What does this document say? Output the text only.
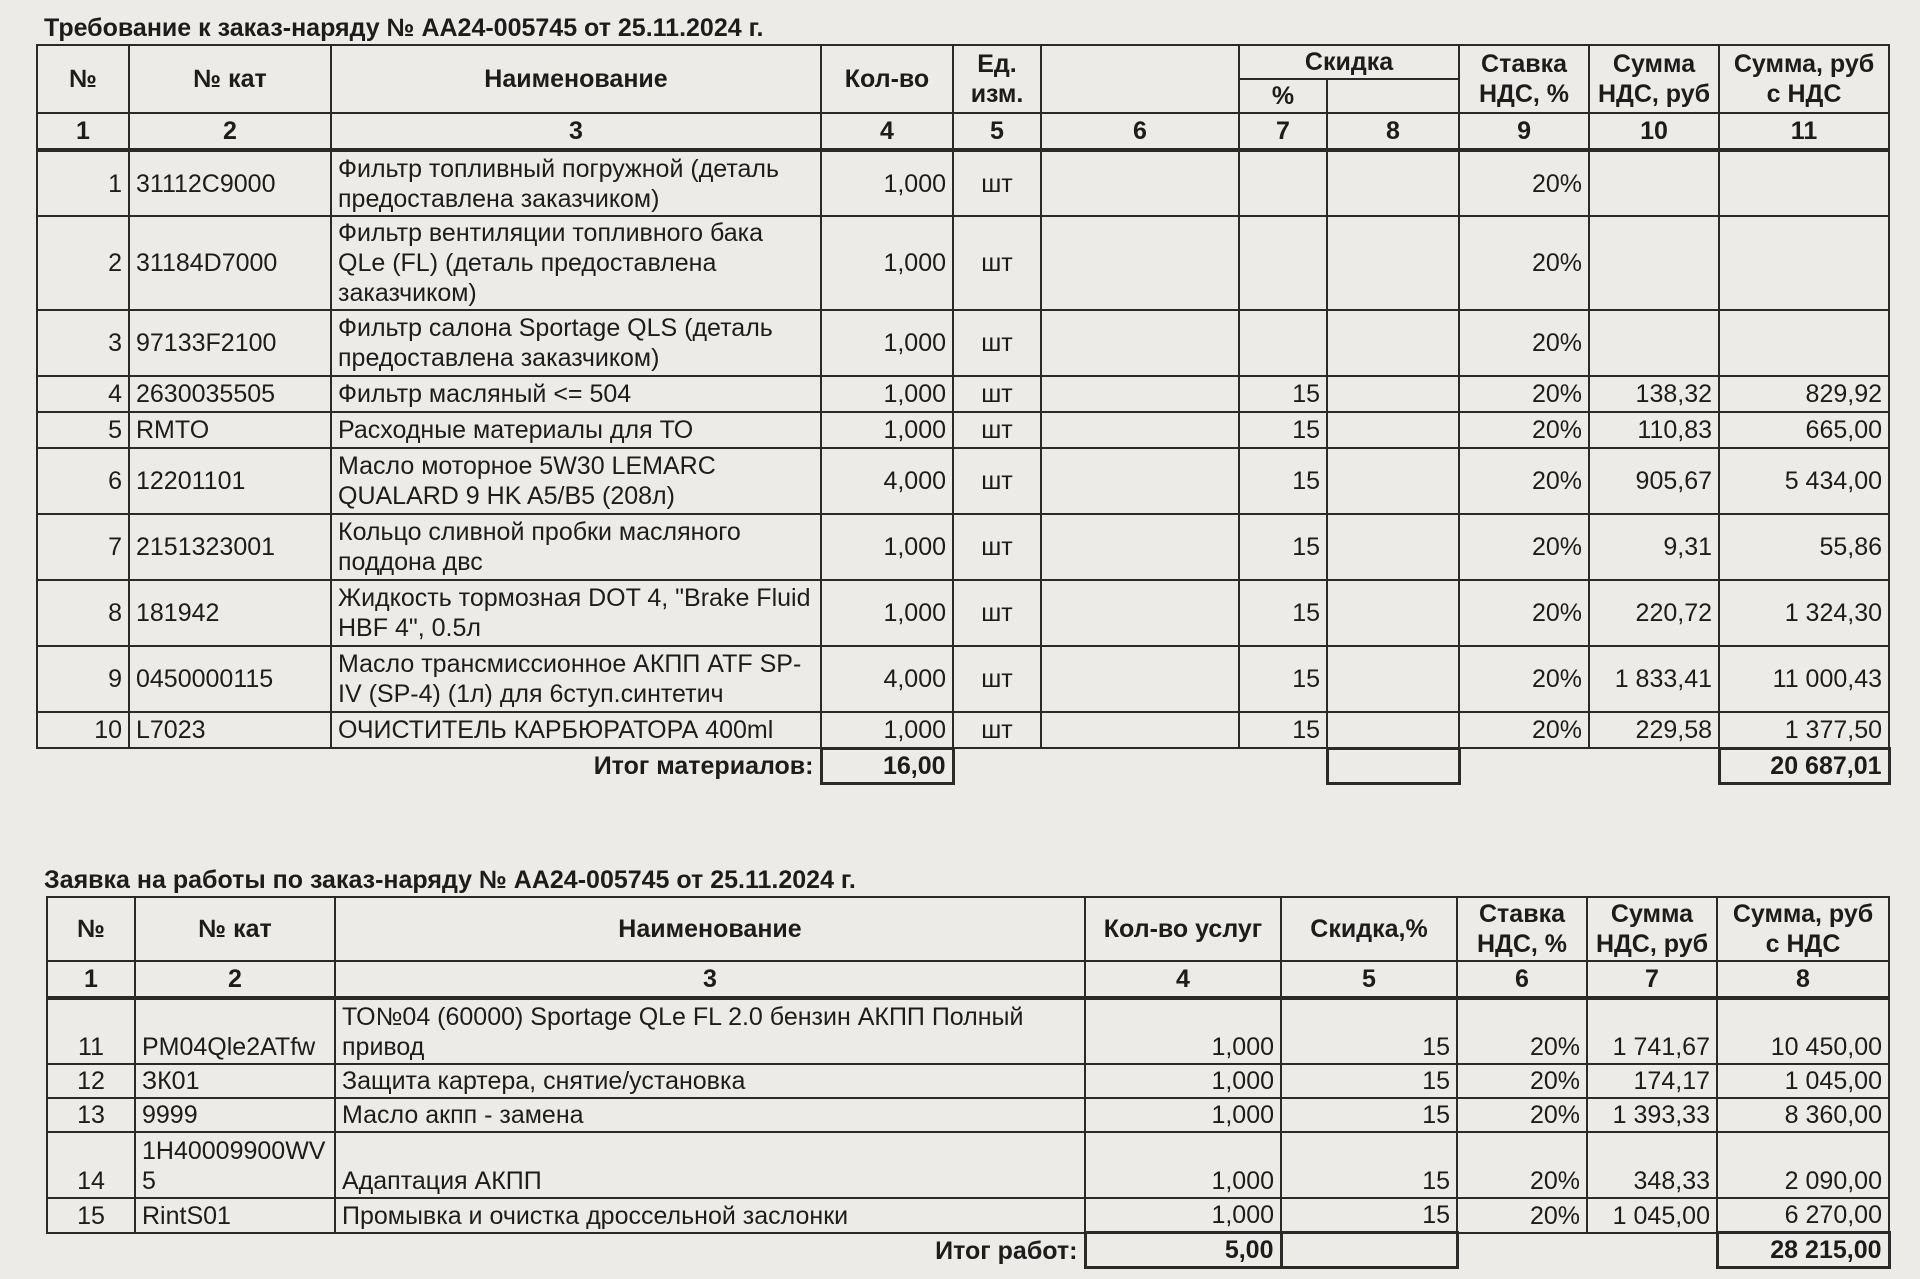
Требование к заказ-наряду № АА24-005745 от 25.11.2024 г.
№	№ кат	Наименование	Кол-во	Ед. изм.		Скидка		Ставка НДС, %	Сумма НДС, руб	Сумма, руб с НДС
						%				
1	2	3	4	5	6	7	8	9	10	11
1	31112C9000	Фильтр топливный погружной (деталь предоставлена заказчиком)	1,000	шт				20%		
2	31184D7000	Фильтр вентиляции топливного бака QLe (FL) (деталь предоставлена заказчиком)	1,000	шт				20%		
3	97133F2100	Фильтр салона Sportage QLS (деталь предоставлена заказчиком)	1,000	шт				20%		
4	2630035505	Фильтр масляный <= 504	1,000	шт		15		20%	138,32	829,92
5	RMTO	Расходные материалы для ТО	1,000	шт		15		20%	110,83	665,00
6	12201101	Масло моторное 5W30 LEMARC QUALARD 9 HK A5/B5 (208л)	4,000	шт		15		20%	905,67	5 434,00
7	2151323001	Кольцо сливной пробки масляного поддона двс	1,000	шт		15		20%	9,31	55,86
8	181942	Жидкость тормозная DOT 4, "Brake Fluid HBF 4", 0.5л	1,000	шт		15		20%	220,72	1 324,30
9	0450000115	Масло трансмиссионное АКПП ATF SP-IV (SP-4) (1л) для 6ступ.синтетич	4,000	шт		15		20%	1 833,41	11 000,43
10	L7023	ОЧИСТИТЕЛЬ КАРБЮРАТОРА 400ml	1,000	шт		15		20%	229,58	1 377,50
		Итог материалов:	16,00							20 687,01
Заявка на работы по заказ-наряду № АА24-005745 от 25.11.2024 г.
№	№ кат	Наименование	Кол-во услуг	Скидка,%	Ставка НДС, %	Сумма НДС, руб	Сумма, руб с НДС
1	2	3	4	5	6	7	8
11	PM04Qle2ATfw	ТО№04 (60000) Sportage QLe FL 2.0 бензин АКПП Полный привод	1,000	15	20%	1 741,67	10 450,00
12	ЗК01	Защита картера, снятие/установка	1,000	15	20%	174,17	1 045,00
13	9999	Масло акпп - замена	1,000	15	20%	1 393,33	8 360,00
14	1H40009900WV5	Адаптация АКПП	1,000	15	20%	348,33	2 090,00
15	RintS01	Промывка и очистка дроссельной заслонки	1,000	15	20%	1 045,00	6 270,00
		Итог работ:	5,00				28 215,00
